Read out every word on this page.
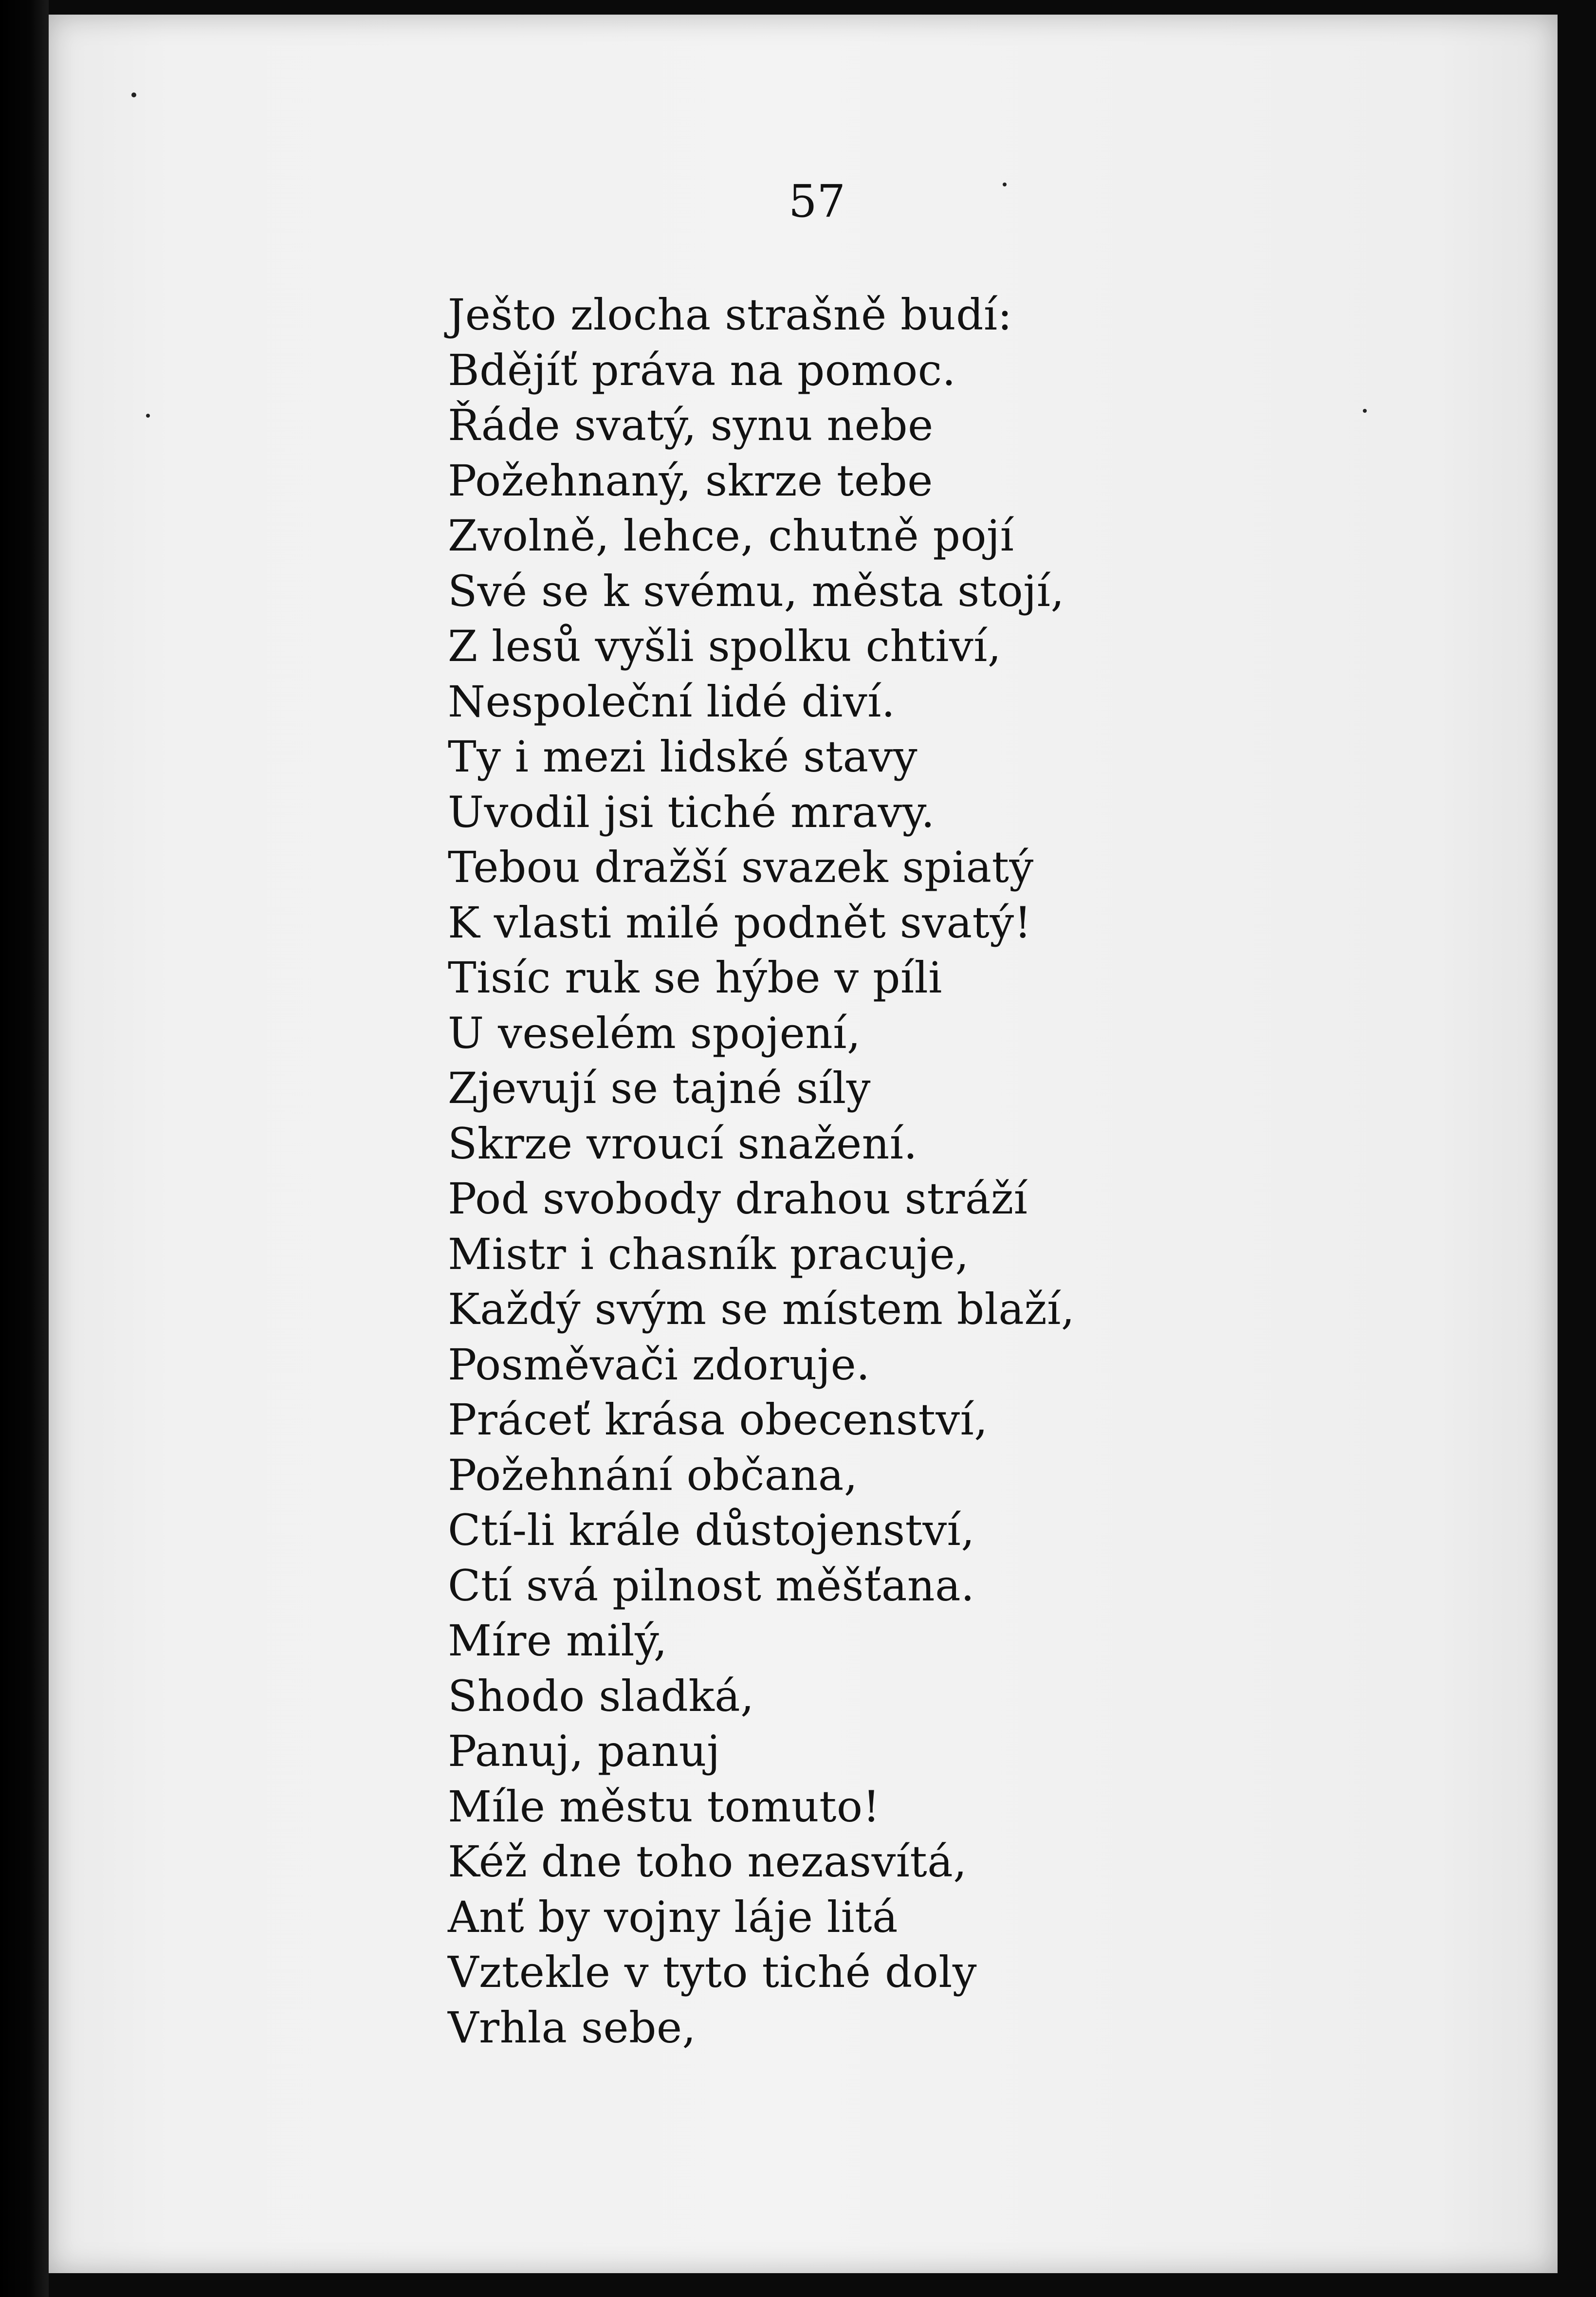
57
Ješto zlocha strašně budí:
Bdějíť práva na pomoc.
Řáde svatý, synu nebe
Požehnaný, skrze tebe
Zvolně, lehce, chutně pojí
Své se k svému, města stojí,
Z lesů vyšli spolku chtiví,
Nespoleční lidé diví.
Ty i mezi lidské stavy
Uvodil jsi tiché mravy.
Tebou dražší svazek spiatý
K vlasti milé podnět svatý!
Tisíc ruk se hýbe v píli
U veselém spojení,
Zjevují se tajné síly
Skrze vroucí snažení.
Pod svobody drahou stráží
Mistr i chasník pracuje,
Každý svým se místem blaží,
Posměvači zdoruje.
Práceť krása obecenství,
Požehnání občana,
Ctí-li krále důstojenství,
Ctí svá pilnost měšťana.
Míre milý,
Shodo sladká,
Panuj, panuj
Míle městu tomuto!
Kéž dne toho nezasvítá,
Anť by vojny láje litá
Vztekle v tyto tiché doly
Vrhla sebe,
